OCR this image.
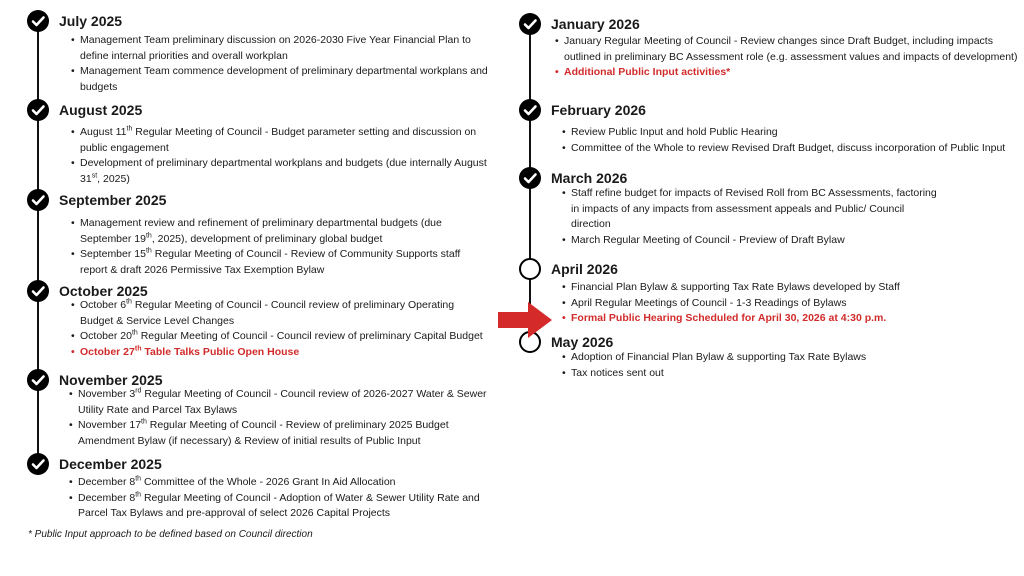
July 2025
August 2025
September 2025
October 2025
November 2025
December 2025
January 2026
February 2026
March 2026
April 2026
May 2026
• Management Team preliminary discussion on 2026-2030 Five Year Financial Plan to define internal priorities and overall workplan
• Management Team commence development of preliminary departmental workplans and budgets
• August 11th Regular Meeting of Council - Budget parameter setting and discussion on public engagement
• Development of preliminary departmental workplans and budgets (due internally August 31st, 2025)
• Management review and refinement of preliminary departmental budgets (due September 19th, 2025), development of preliminary global budget
• September 15th Regular Meeting of Council - Review of Community Supports staff report & draft 2026 Permissive Tax Exemption Bylaw
• October 6th Regular Meeting of Council - Council review of preliminary Operating Budget & Service Level Changes
• October 20th Regular Meeting of Council - Council review of preliminary Capital Budget
• October 27th Table Talks Public Open House
• November 3rd Regular Meeting of Council - Council review of 2026-2027 Water & Sewer Utility Rate and Parcel Tax Bylaws
• November 17th Regular Meeting of Council - Review of preliminary 2025 Budget Amendment Bylaw (if necessary) & Review of initial results of Public Input
• December 8th Committee of the Whole - 2026 Grant In Aid Allocation
• December 8th Regular Meeting of Council - Adoption of Water & Sewer Utility Rate and Parcel Tax Bylaws and pre-approval of select 2026 Capital Projects
• January Regular Meeting of Council - Review changes since Draft Budget, including impacts outlined in preliminary BC Assessment role (e.g. assessment values and impacts of development)
• Additional Public Input activities*
• Review Public Input and hold Public Hearing
• Committee of the Whole to review Revised Draft Budget, discuss incorporation of Public Input
• Staff refine budget for impacts of Revised Roll from BC Assessments, factoring in impacts of any impacts from assessment appeals and Public/ Council direction
• March Regular Meeting of Council - Preview of Draft Bylaw
• Financial Plan Bylaw & supporting Tax Rate Bylaws developed by Staff
• April Regular Meetings of Council - 1-3 Readings of Bylaws
• Formal Public Hearing Scheduled for April 30, 2026 at 4:30 p.m.
• Adoption of Financial Plan Bylaw & supporting Tax Rate Bylaws
• Tax notices sent out
* Public Input approach to be defined based on Council direction
